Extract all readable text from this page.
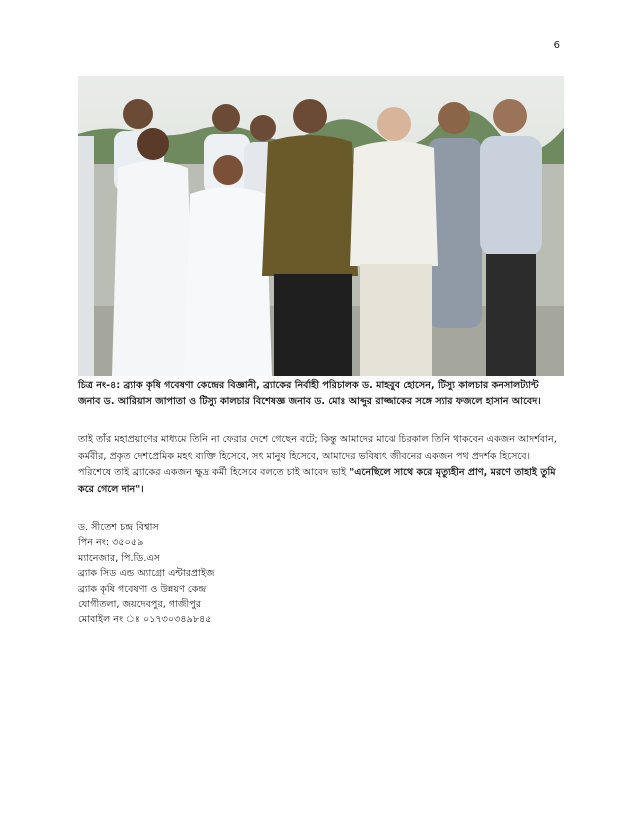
6

চিত্র নং-৪: ব্র্যাক কৃষি গবেষণা কেন্দ্রের বিজ্ঞানী, ব্র্যাকের নির্বাহী পরিচালক ড. মাহবুব হোসেন, টিস্যু কালচার কনসালট্যান্ট জনাব ড. আরিয়াস জাপাতা ও টিস্যু কালচার বিশেষজ্ঞ জনাব ড. মোঃ আব্দুর রাজ্জাকের সঙ্গে স্যার ফজলে হাসান আবেদ।

তাই তাঁর মহাপ্রয়াণের মাধ্যমে তিনি না ফেরার দেশে গেছেন বটে; কিন্তু আমাদের মাঝে চিরকাল তিনি থাকবেন একজন আদর্শবান, কর্মবীর, প্রকৃত দেশপ্রেমিক মহৎ ব্যক্তি হিসেবে, সৎ মানুষ হিসেবে, আমাদের ভবিষ্যৎ জীবনের একজন পথ প্রদর্শক হিসেবে। পরিশেষে তাই ব্র্যাকের একজন ক্ষুদ্র কর্মী হিসেবে বলতে চাই আবেদ ভাই "এনেছিলে সাথে করে মৃত্যুহীন প্রাণ, মরণে তাহাই তুমি করে গেলে দান"।

ড. সীতেশ চন্দ্র বিশ্বাস
পিন নং: ৩৫০৫৯
ম্যানেজার, পি.ডি.এস
ব্র্যাক সিড এন্ড অ্যাগ্রো এন্টারপ্রাইজ
ব্র্যাক কৃষি গবেষণা ও উন্নয়ণ কেন্দ্র
যোগীতলা, জয়দেবপুর, গাজীপুর
মোবাইল নং ঃ ০১৭৩০৩৪৯৮৪৫
